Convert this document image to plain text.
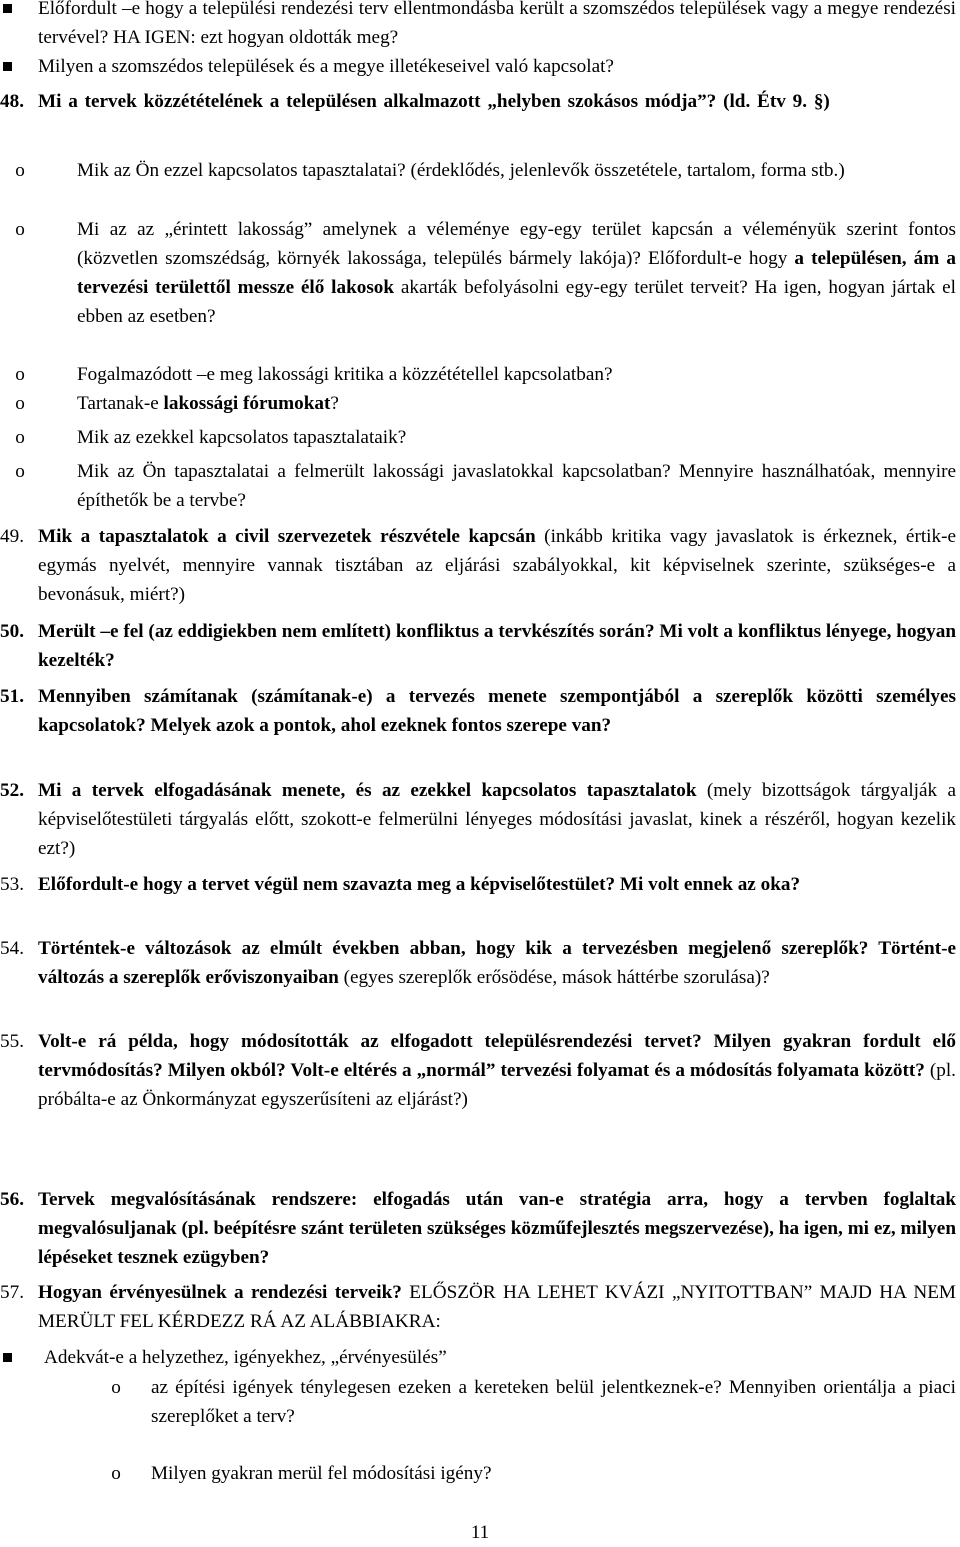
Előfordult –e hogy a települési rendezési terv ellentmondásba került a szomszédos települések vagy a megye rendezési tervével? HA IGEN: ezt hogyan oldották meg?
Milyen a szomszédos települések és a megye illetékeseivel való kapcsolat?
48. Mi a tervek közzétételének a településen alkalmazott „helyben szokásos módja”? (ld. Étv 9. §)
o	Mik az Ön ezzel kapcsolatos tapasztalatai? (érdeklődés, jelenlevők összetétele, tartalom, forma stb.)
o	Mi az az „érintett lakosság” amelynek a véleménye egy-egy terület kapcsán a véleményük szerint fontos (közvetlen szomszédság, környék lakossága, település bármely lakója)? Előfordult-e hogy a településen, ám a tervezési területtől messze élő lakosok akarták befolyásolni egy-egy terület terveit? Ha igen, hogyan jártak el ebben az esetben?
o	Fogalmazódott –e meg lakossági kritika a közzététellel kapcsolatban?
o	Tartanak-e lakossági fórumokat?
o	Mik az ezekkel kapcsolatos tapasztalataik?
o	Mik az Ön tapasztalatai a felmerült lakossági javaslatokkal kapcsolatban? Mennyire használhatóak, mennyire építhetők be a tervbe?
49. Mik a tapasztalatok a civil szervezetek részvétele kapcsán (inkább kritika vagy javaslatok is érkeznek, értik-e egymás nyelvét, mennyire vannak tisztában az eljárási szabályokkal, kit képviselnek szerinte, szükséges-e a bevonásuk, miért?)
50. Merült –e fel (az eddigiekben nem említett) konfliktus a tervkészítés során? Mi volt a konfliktus lényege, hogyan kezelték?
51. Mennyiben számítanak (számítanak-e) a tervezés menete szempontjából a szereplők közötti személyes kapcsolatok? Melyek azok a pontok, ahol ezeknek fontos szerepe van?
52. Mi a tervek elfogadásának menete, és az ezekkel kapcsolatos tapasztalatok (mely bizottságok tárgyalják a képviselőtestületi tárgyalás előtt, szokott-e felmerülni lényeges módosítási javaslat, kinek a részéről, hogyan kezelik ezt?)
53. Előfordult-e hogy a tervet végül nem szavazta meg a képviselőtestület? Mi volt ennek az oka?
54. Történtek-e változások az elmúlt években abban, hogy kik a tervezésben megjelenő szereplők? Történt-e változás a szereplők erőviszonyaiban (egyes szereplők erősödése, mások háttérbe szorulása)?
55. Volt-e rá példa, hogy módosították az elfogadott településrendezési tervet? Milyen gyakran fordult elő tervmódosítás? Milyen okból? Volt-e eltérés a „normál” tervezési folyamat és a módosítás folyamata között? (pl. próbálta-e az Önkormányzat egyszerűsíteni az eljárást?)
56. Tervek megvalósításának rendszere: elfogadás után van-e stratégia arra, hogy a tervben foglaltak megvalósuljanak (pl. beépítésre szánt területen szükséges közműfejlesztés megszervezése), ha igen, mi ez, milyen lépéseket tesznek ezügyben?
57. Hogyan érvényesülnek a rendezési terveik? ELŐSZÖR HA LEHET KVÁZI „NYITOTTBAN” MAJD HA NEM MERÜLT FEL KÉRDEZZ RÁ AZ ALÁBBIAKRA:
Adekvát-e a helyzethez, igényekhez, „érvényesülés”
o	az építési igények ténylegesen ezeken a kereteken belül jelentkeznek-e? Mennyiben orientálja a piaci szereplőket a terv?
o	Milyen gyakran merül fel módosítási igény?
11
